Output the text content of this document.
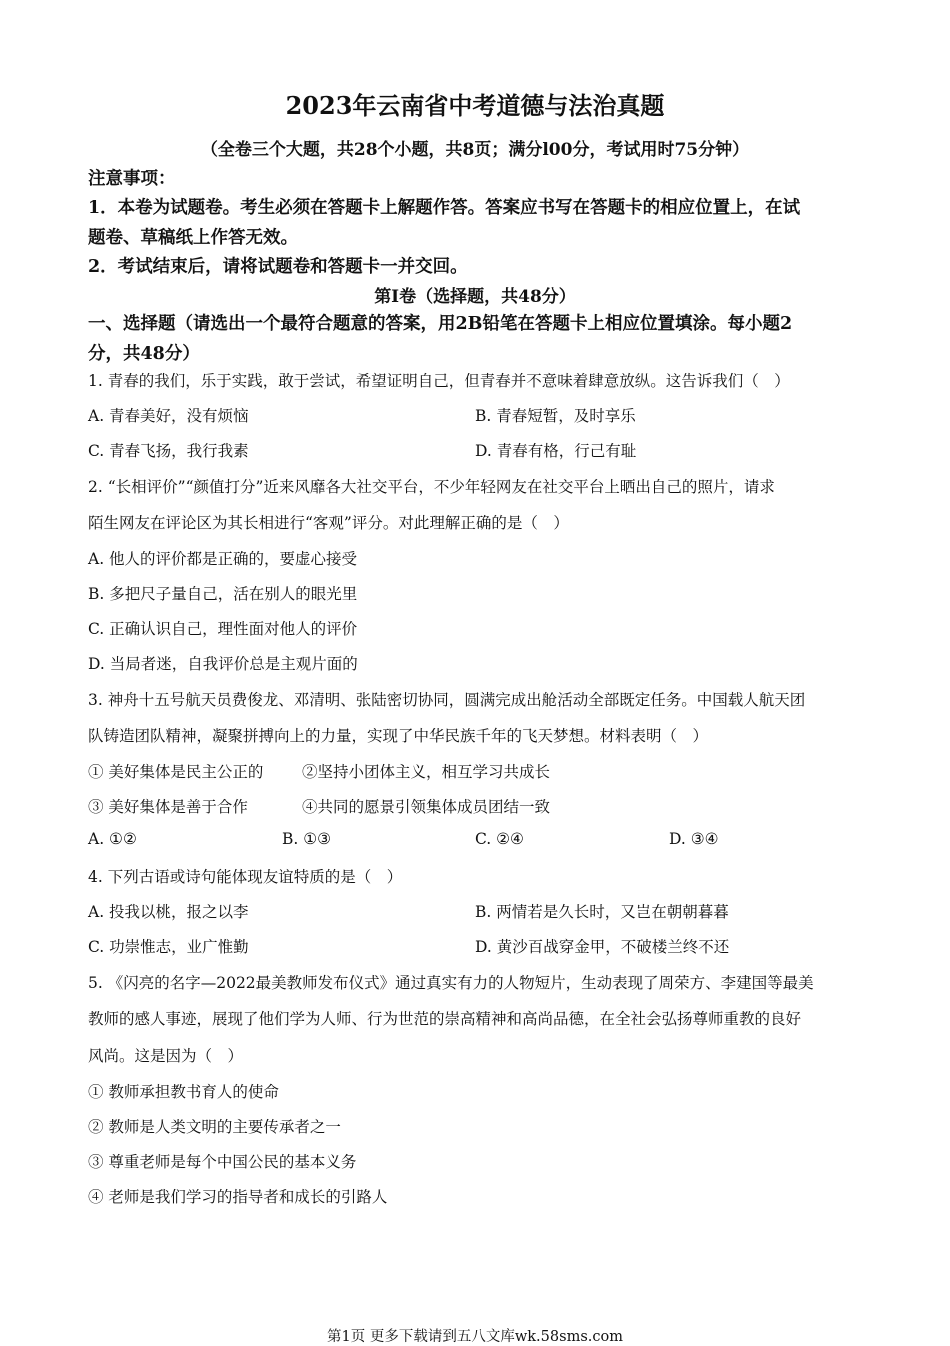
2023年云南省中考道德与法治真题
（全卷三个大题，共28个小题，共8页；满分l00分，考试用时75分钟）
注意事项：
1．本卷为试题卷。考生必须在答题卡上解题作答。答案应书写在答题卡的相应位置上，在试
题卷、草稿纸上作答无效。
2．考试结束后，请将试题卷和答题卡一并交回。
第I卷（选择题，共48分）
一、选择题（请选出一个最符合题意的答案，用2B铅笔在答题卡上相应位置填涂。每小题2
分，共48分）
1. 青春的我们，乐于实践，敢于尝试，希望证明自己，但青春并不意味着肆意放纵。这告诉我们（　）
A. 青春美好，没有烦恼	B. 青春短暂，及时享乐
C. 青春飞扬，我行我素	D. 青春有格，行己有耻
2. “长相评价”“颜值打分”近来风靡各大社交平台，不少年轻网友在社交平台上晒出自己的照片，请求
陌生网友在评论区为其长相进行“客观”评分。对此理解正确的是（　）
A. 他人的评价都是正确的，要虚心接受
B. 多把尺子量自己，活在别人的眼光里
C. 正确认识自己，理性面对他人的评价
D. 当局者迷，自我评价总是主观片面的
3. 神舟十五号航天员费俊龙、邓清明、张陆密切协同，圆满完成出舱活动全部既定任务。中国载人航天团
队铸造团队精神，凝聚拼搏向上的力量，实现了中华民族千年的飞天梦想。材料表明（　）
① 美好集体是民主公正的 ②坚持小团体主义，相互学习共成长
③ 美好集体是善于合作	④共同的愿景引领集体成员团结一致
A. ①②	B. ①③	C. ②④	D. ③④
4. 下列古语或诗句能体现友谊特质的是（　）
A. 投我以桃，报之以李	B. 两情若是久长时，又岂在朝朝暮暮
C. 功崇惟志，业广惟勤	D. 黄沙百战穿金甲，不破楼兰终不还
5. 《闪亮的名字—2022最美教师发布仪式》通过真实有力的人物短片，生动表现了周荣方、李建国等最美
教师的感人事迹，展现了他们学为人师、行为世范的崇高精神和高尚品德，在全社会弘扬尊师重教的良好
风尚。这是因为（　）
① 教师承担教书育人的使命
② 教师是人类文明的主要传承者之一
③ 尊重老师是每个中国公民的基本义务
④ 老师是我们学习的指导者和成长的引路人
第1页 更多下载请到五八文库wk.58sms.com
